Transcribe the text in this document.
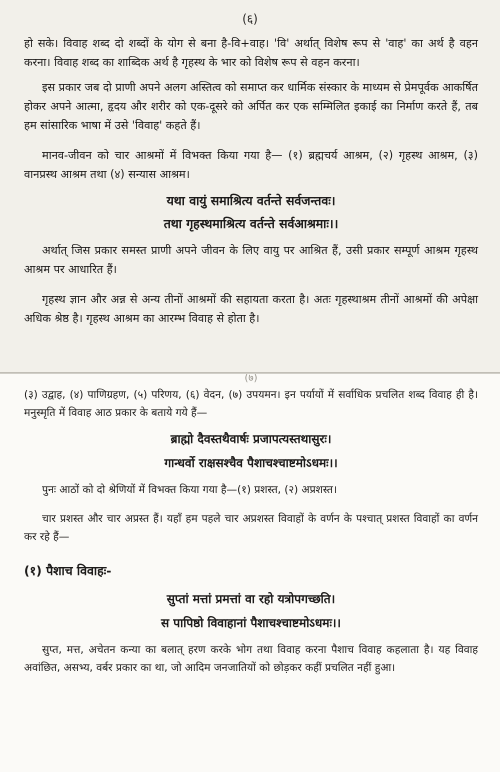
हो सके। विवाह शब्द दो शब्दों के योग से बना है-वि+वाह। 'वि' अर्थात् विशेष रूप से 'वाह' का अर्थ है वहन करना। विवाह शब्द का शाब्दिक अर्थ है गृहस्थ के भार को विशेष रूप से वहन करना।

इस प्रकार जब दो प्राणी अपने अलग अस्तित्व को समाप्त कर धार्मिक संस्कार के माध्यम से प्रेमपूर्वक आकर्षित होकर अपने आत्मा, हृदय और शरीर को एक-दूसरे को अर्पित कर एक सम्मिलित इकाई का निर्माण करते हैं, तब हम सांसारिक भाषा में उसे 'विवाह' कहते हैं।

मानव-जीवन को चार आश्रमों में विभक्त किया गया है— (१) ब्रह्मचर्य आश्रम, (२) गृहस्थ आश्रम, (३) वानप्रस्थ आश्रम तथा (४) सन्यास आश्रम।

यथा वायुं समाश्रित्य वर्तन्ते सर्वजन्तवः।

तथा गृहस्थमाश्रित्य वर्तन्ते सर्वआश्रमाः।।

अर्थात् जिस प्रकार समस्त प्राणी अपने जीवन के लिए वायु पर आश्रित हैं, उसी प्रकार सम्पूर्ण आश्रम गृहस्थ आश्रम पर आधारित हैं।

गृहस्थ ज्ञान और अन्न से अन्य तीनों आश्रमों की सहायता करता है। अतः गृहस्थाश्रम तीनों आश्रमों की अपेक्षा अधिक श्रेष्ठ है। गृहस्थ आश्रम का आरम्भ विवाह से होता है।

(६)
(७)

(३) उद्वाह, (४) पाणिग्रहण, (५) परिणय, (६) वेदन, (७) उपयमन। इन पर्यायों में सर्वाधिक प्रचलित शब्द विवाह ही है। मनुस्मृति में विवाह आठ प्रकार के बताये गये हैं—

ब्राह्मो दैवस्तथैवार्षः प्रजापत्यस्तथासुरः।

गान्धर्वो राक्षसश्चैव पैशाचश्चाष्टमोऽधमः।।

पुनः आठों को दो श्रेणियों में विभक्त किया गया है—(१) प्रशस्त, (२) अप्रशस्त।

चार प्रशस्त और चार अप्रस्त हैं। यहाँ हम पहले चार अप्रशस्त विवाहों के वर्णन के पश्चात् प्रशस्त विवाहों का वर्णन कर रहे हैं—

(१) पैशाच विवाहः-

सुप्तां मत्तां प्रमत्तां वा रहो यत्रोपगच्छति।

स पापिष्ठो विवाहानां पैशाचश्चाष्टमोऽधमः।।

सुप्त, मत्त, अचेतन कन्या का बलात् हरण करके भोग तथा विवाह करना पैशाच विवाह कहलाता है। यह विवाह अवांछित, असभ्य, वर्बर प्रकार का था, जो आदिम जनजातियों को छोड़कर कहीं प्रचलित नहीं हुआ।
